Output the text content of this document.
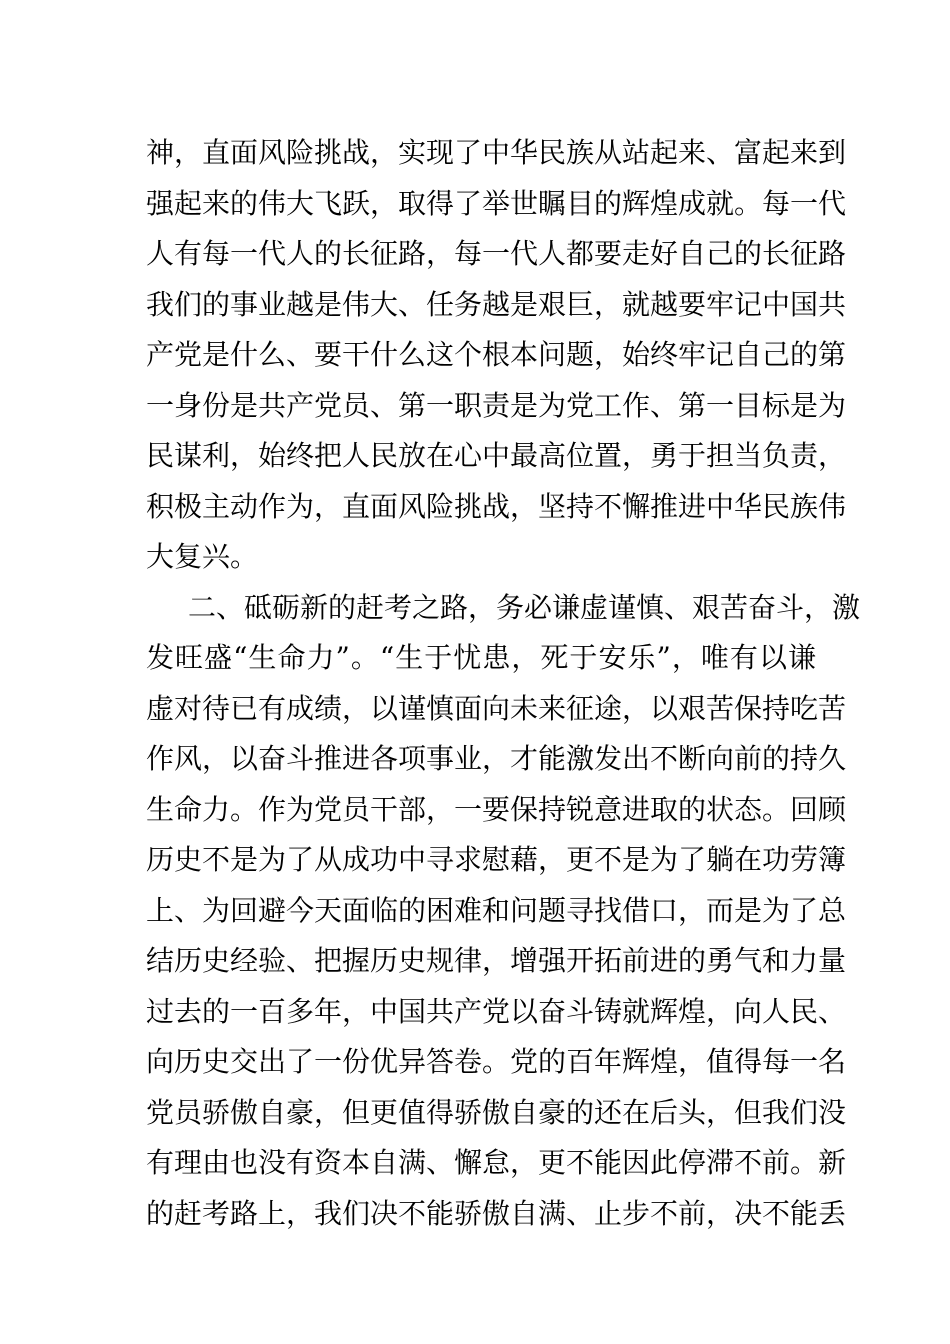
神，直面风险挑战，实现了中华民族从站起来、富起来到
强起来的伟大飞跃，取得了举世瞩目的辉煌成就。每一代
人有每一代人的长征路，每一代人都要走好自己的长征路
我们的事业越是伟大、任务越是艰巨，就越要牢记中国共
产党是什么、要干什么这个根本问题，始终牢记自己的第
一身份是共产党员、第一职责是为党工作、第一目标是为
民谋利，始终把人民放在心中最高位置，勇于担当负责，
积极主动作为，直面风险挑战，坚持不懈推进中华民族伟
大复兴。
二、砥砺新的赶考之路，务必谦虚谨慎、艰苦奋斗，激
发旺盛“生命力”。“生于忧患，死于安乐”，唯有以谦
虚对待已有成绩，以谨慎面向未来征途，以艰苦保持吃苦
作风，以奋斗推进各项事业，才能激发出不断向前的持久
生命力。作为党员干部，一要保持锐意进取的状态。回顾
历史不是为了从成功中寻求慰藉，更不是为了躺在功劳簿
上、为回避今天面临的困难和问题寻找借口，而是为了总
结历史经验、把握历史规律，增强开拓前进的勇气和力量
过去的一百多年，中国共产党以奋斗铸就辉煌，向人民、
向历史交出了一份优异答卷。党的百年辉煌，值得每一名
党员骄傲自豪，但更值得骄傲自豪的还在后头，但我们没
有理由也没有资本自满、懈怠，更不能因此停滞不前。新
的赶考路上，我们决不能骄傲自满、止步不前，决不能丢
